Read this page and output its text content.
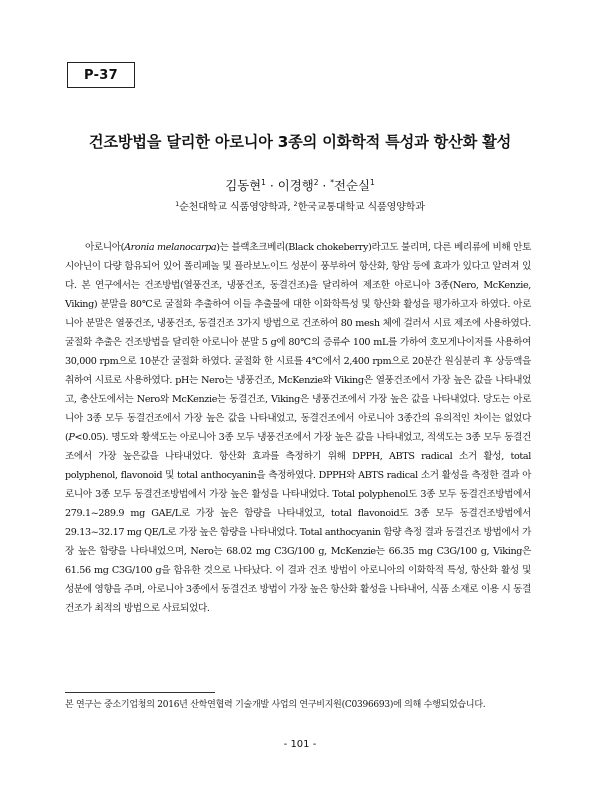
P-37
건조방법을 달리한 아로니아 3종의 이화학적 특성과 항산화 활성
김동현$^1$ · 이경행$^2$ · *전순실$^1$
$^1$순천대학교 식품영양학과, $^2$한국교통대학교 식품영양학과

아로니아(Aronia melanocarpa)는 블랙초크베리(Black chokeberry)라고도 불리며, 다른 베리류에 비해 안토시아닌이 다량 함유되어 있어 폴리페놀 및 플라보노이드 성분이 풍부하여 항산화, 항암 등에 효과가 있다고 알려져 있다. 본 연구에서는 건조방법(열풍건조, 냉풍건조, 동결건조)을 달리하여 제조한 아로니아 3종(Nero, McKenzie, Viking) 분말을 80℃로 굴절화 추출하여 이들 추출물에 대한 이화학특성 및 항산화 활성을 평가하고자 하였다. 아로니아 분말은 열풍건조, 냉풍건조, 동결건조 3가지 방법으로 건조하여 80 mesh 체에 걸러서 시료 제조에 사용하였다. 굴절화 추출은 건조방법을 달리한 아로니아 분말 5 g에 80℃의 증류수 100 mL를 가하여 호모게나이저를 사용하여 30,000 rpm으로 10분간 굴절화 하였다. 굴절화 한 시료를 4℃에서 2,400 rpm으로 20분간 원심분리 후 상등액을 취하여 시료로 사용하였다. pH는 Nero는 냉풍건조, McKenzie와 Viking은 열풍건조에서 가장 높은 값을 나타내었고, 총산도에서는 Nero와 McKenzie는 동결건조, Viking은 냉풍건조에서 가장 높은 값을 나타내었다. 당도는 아로니아 3종 모두 동결건조에서 가장 높은 값을 나타내었고, 동결건조에서 아로니아 3종간의 유의적인 차이는 없었다(P<0.05). 명도와 황색도는 아로니아 3종 모두 냉풍건조에서 가장 높은 값을 나타내었고, 적색도는 3종 모두 동결건조에서 가장 높은값을 나타내었다. 항산화 효과를 측정하기 위해 DPPH, ABTS radical 소거 활성, total polyphenol, flavonoid 및 total anthocyanin을 측정하였다. DPPH와 ABTS radical 소거 활성을 측정한 결과 아로니아 3종 모두 동결건조방법에서 가장 높은 활성을 나타내었다. Total polyphenol도 3종 모두 동결건조방법에서 279.1~289.9 mg GAE/L로 가장 높은 함량을 나타내었고, total flavonoid도 3종 모두 동결건조방법에서 29.13~32.17 mg QE/L로 가장 높은 함량을 나타내었다. Total anthocyanin 함량 측정 결과 동결건조 방법에서 가장 높은 함량을 나타내었으며, Nero는 68.02 mg C3G/100 g, McKenzie는 66.35 mg C3G/100 g, Viking은 61.56 mg C3G/100 g을 함유한 것으로 나타났다. 이 결과 건조 방법이 아로니아의 이화학적 특성, 항산화 활성 및 성분에 영향을 주며, 아로니아 3종에서 동결건조 방법이 가장 높은 항산화 활성을 나타내어, 식품 소재로 이용 시 동결건조가 최적의 방법으로 사료되었다.

본 연구는 중소기업청의 2016년 산학연협력 기술개발 사업의 연구비지원(C0396693)에 의해 수행되었습니다.
- 101 -
